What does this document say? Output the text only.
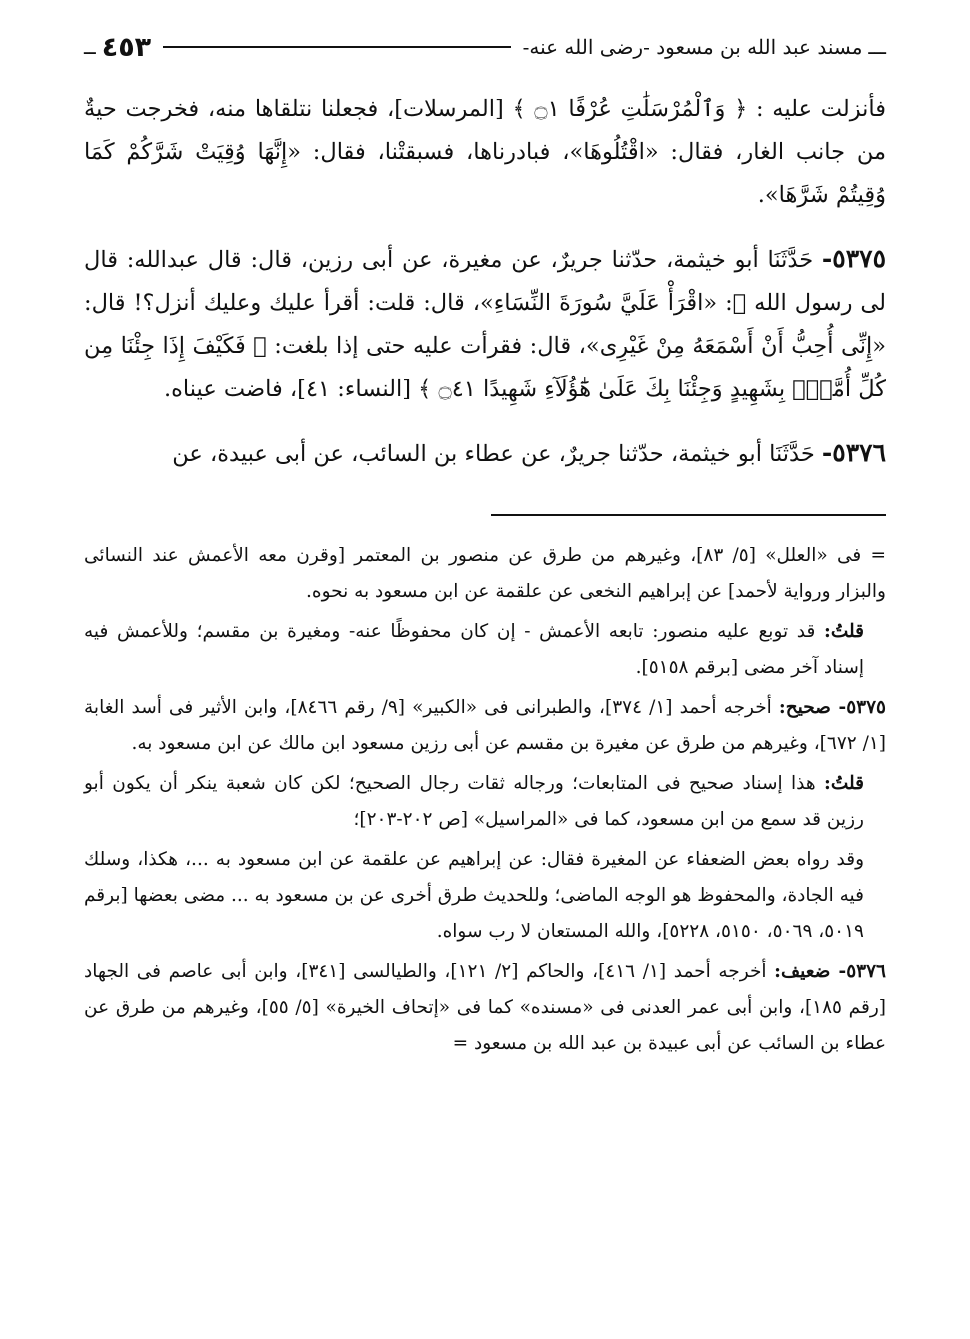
ـــ
مسند عبد الله بن مسعود -رضى الله عنه-
٤٥٣
ــ

فأنزلت عليه : ﴿ وَٱلْمُرْسَلَٰتِ عُرْفًا ۝١ ﴾ [المرسلات]، فجعلنا نتلقاها منه، فخرجت حيةٌ من جانب الغار، فقال: «اقْتُلُوهَا»، فبادرناها، فسبقتْنا، فقال: «إِنَّهَا وُقِيَتْ شَرَّكُمْ كَمَا وُقِيتُمْ شَرَّهَا».

٥٣٧٥- حَدَّثَنَا أبو خيثمة، حدّثنا جريرٌ، عن مغيرة، عن أبى رزين، قال: قال عبدالله: قال لى رسول الله ﷺ: «اقْرَأْ عَلَيَّ سُورَةَ النِّسَاءِ»، قال: قلت: أقرأ عليك وعليك أنزل؟! قال: «إِنِّى أُحِبُّ أَنْ أَسْمَعَهُ مِنْ غَيْرِى»، قال: فقرأت عليه حتى إذا بلغت: ﴿ فَكَيْفَ إِذَا جِئْنَا مِن كُلِّ أُمَّةٍۭ بِشَهِيدٍ وَجِئْنَا بِكَ عَلَىٰ هَٰٓؤُلَآءِ شَهِيدًا ۝٤١ ﴾ [النساء: ٤١]، فاضت عيناه.

٥٣٧٦- حَدَّثَنَا أبو خيثمة، حدّثنا جريرٌ، عن عطاء بن السائب، عن أبى عبيدة، عن

= فى «العلل» [٥/ ٨٣]، وغيرهم من طرق عن منصور بن المعتمر [وقرن معه الأعمش عند النسائى والبزار ورواية لأحمد] عن إبراهيم النخعى عن علقمة عن ابن مسعود به نحوه.

قلتُ: قد توبع عليه منصور: تابعه الأعمش - إن كان محفوظًا عنه- ومغيرة بن مقسم؛ وللأعمش فيه إسناد آخر مضى [برقم ٥١٥٨].

٥٣٧٥- صحيح: أخرجه أحمد [١/ ٣٧٤]، والطبرانى فى «الكبير» [٩/ رقم ٨٤٦٦]، وابن الأثير فى أسد الغابة [١/ ٦٧٢]، وغيرهم من طرق عن مغيرة بن مقسم عن أبى رزين مسعود ابن مالك عن ابن مسعود به.

قلتُ: هذا إسناد صحيح فى المتابعات؛ ورجاله ثقات رجال الصحيح؛ لكن كان شعبة ينكر أن يكون أبو رزين قد سمع من ابن مسعود، كما فى «المراسيل» [ص ٢٠٢-٢٠٣]؛

وقد رواه بعض الضعفاء عن المغيرة فقال: عن إبراهيم عن علقمة عن ابن مسعود به ...، هكذا، وسلك فيه الجادة، والمحفوظ هو الوجه الماضى؛ وللحديث طرق أخرى عن بن مسعود به ... مضى بعضها [برقم ٥٠١٩، ٥٠٦٩، ٥١٥٠، ٥٢٢٨]، والله المستعان لا رب سواه.

٥٣٧٦- ضعيف: أخرجه أحمد [١/ ٤١٦]، والحاكم [٢/ ١٢١]، والطيالسى [٣٤١]، وابن أبى عاصم فى الجهاد [رقم ١٨٥]، وابن أبى عمر العدنى فى «مسنده» كما فى «إتحاف الخيرة» [٥/ ٥٥]، وغيرهم من طرق عن عطاء بن السائب عن أبى عبيدة بن عبد الله بن مسعود =
